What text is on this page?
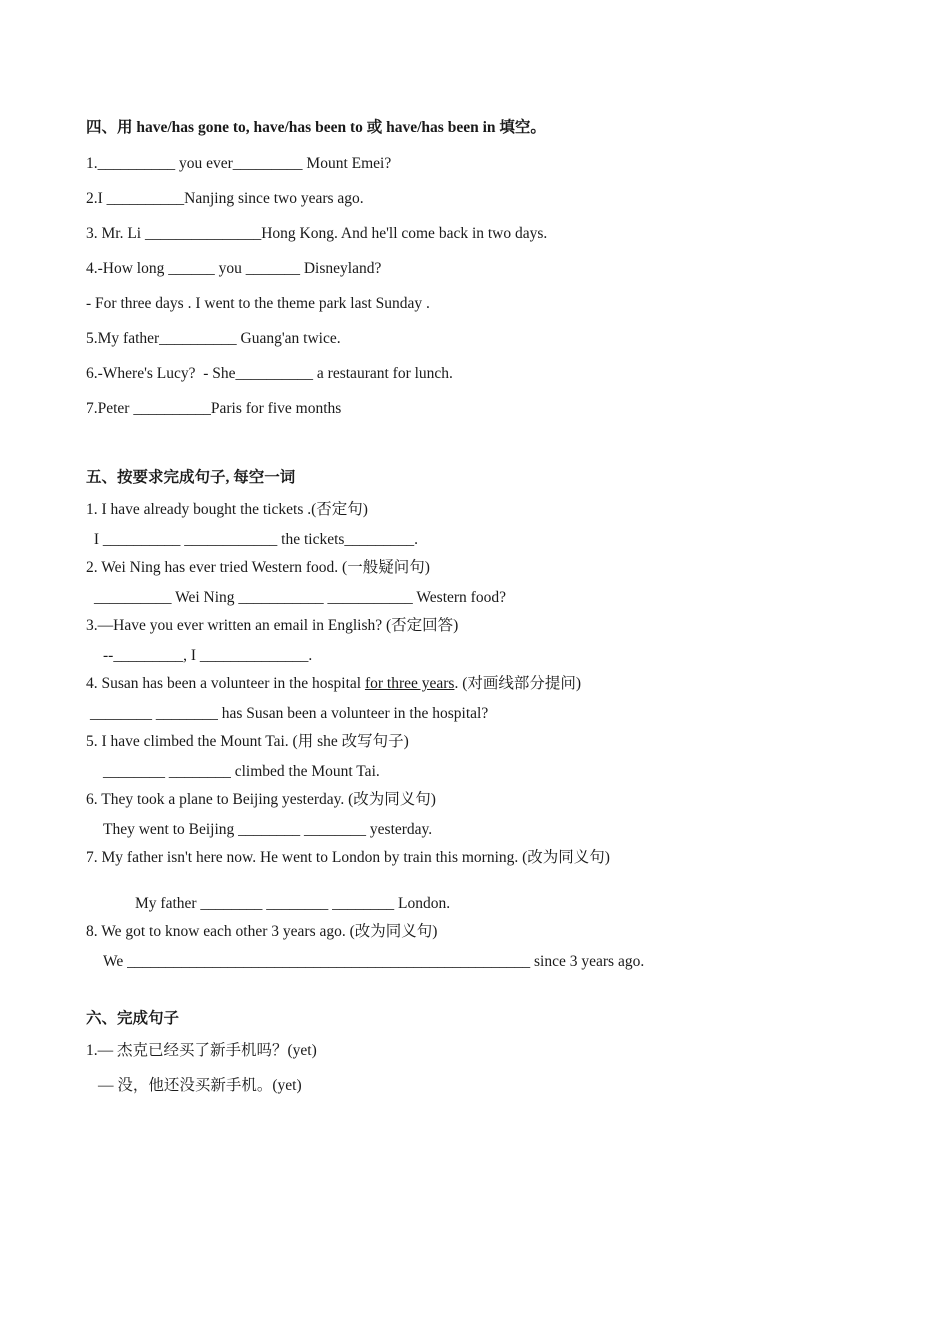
四、用 have/has gone to, have/has been to 或 have/has been in 填空。
1.__________ you ever_________ Mount Emei?
2.I __________Nanjing since two years ago.
3. Mr. Li _______________Hong Kong. And he'll come back in two days.
4.-How long ______ you _______ Disneyland?
- For three days . I went to the theme park last Sunday .
5.My father__________ Guang'an twice.
6.-Where's Lucy?  - She__________ a restaurant for lunch.
7.Peter __________Paris for five months
五、按要求完成句子, 每空一词
1. I have already bought the tickets .(否定句)
I __________ ____________ the tickets_________.
2. Wei Ning has ever tried Western food. (一般疑问句)
__________ Wei Ning ___________ ___________ Western food?
3.—Have you ever written an email in English? (否定回答)
--_________, I ______________.
4. Susan has been a volunteer in the hospital for three years. (对画线部分提问)
________ ________ has Susan been a volunteer in the hospital?
5. I have climbed the Mount Tai. (用 she 改写句子)
________ ________ climbed the Mount Tai.
6. They took a plane to Beijing yesterday. (改为同义句)
They went to Beijing ________ ________ yesterday.
7. My father isn't here now. He went to London by train this morning. (改为同义句)
My father ________ ________ ________ London.
8. We got to know each other 3 years ago. (改为同义句)
We ____________________________________________________ since 3 years ago.
六、完成句子
1.— 杰克已经买了新手机吗？(yet)
— 没，他还没买新手机。(yet)
